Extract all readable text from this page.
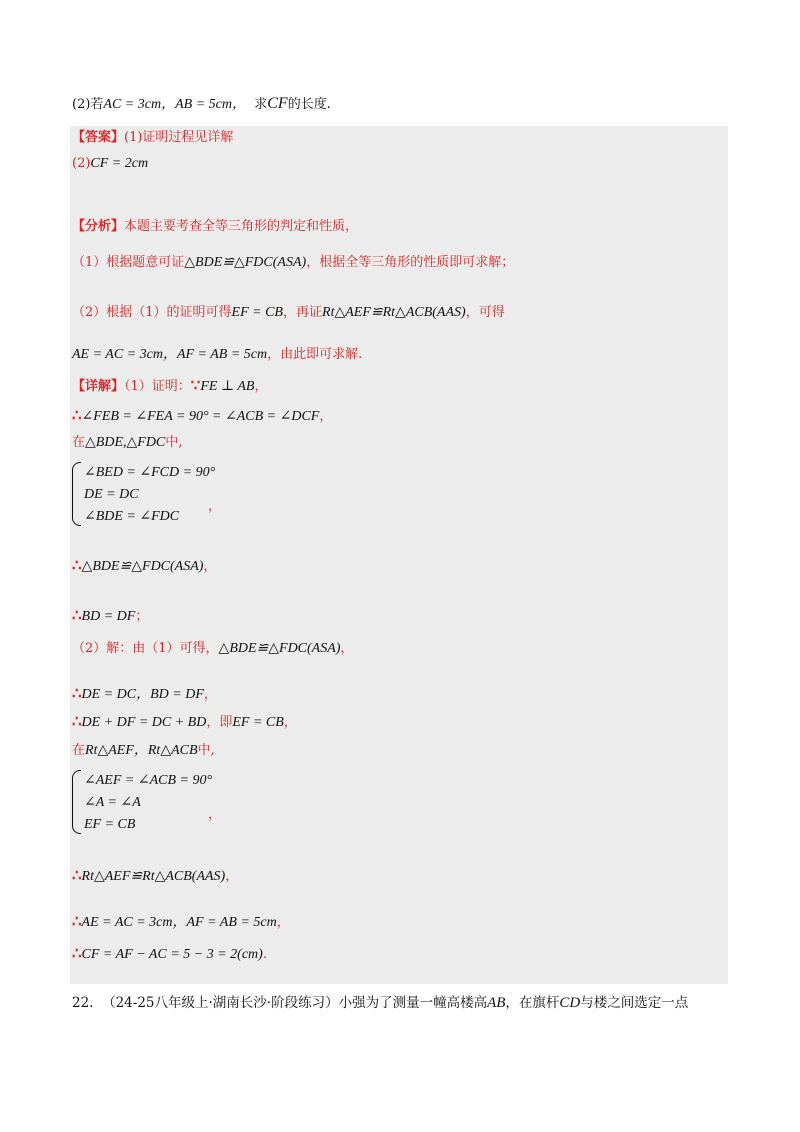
(2)若AC = 3cm，AB = 5cm， 求CF的长度.
【答案】(1)证明过程见详解
(2)CF = 2cm
【分析】本题主要考查全等三角形的判定和性质，
（1）根据题意可证△BDE≌△FDC(ASA)，根据全等三角形的性质即可求解；
（2）根据（1）的证明可得EF = CB，再证Rt△AEF≌Rt△ACB(AAS)，可得
AE = AC = 3cm，AF = AB = 5cm，由此即可求解.
【详解】（1）证明：∵FE ⊥ AB，
∴∠FEB = ∠FEA = 90° = ∠ACB = ∠DCF，
在△BDE,△FDC中,
∠BED = ∠FCD = 90°
DE = DC
∠BDE = ∠FDC
，
∴△BDE≌△FDC(ASA)，
∴BD = DF；
（2）解：由（1）可得，△BDE≌△FDC(ASA)，
∴DE = DC，BD = DF，
∴DE + DF = DC + BD，即EF = CB，
在Rt△AEF，Rt△ACB中,
∠AEF = ∠ACB = 90°
∠A = ∠A
EF = CB
，
∴Rt△AEF≌Rt△ACB(AAS)，
∴AE = AC = 3cm，AF = AB = 5cm，
∴CF = AF − AC = 5 − 3 = 2(cm).
22. （24-25八年级上·湖南长沙·阶段练习）小强为了测量一幢高楼高AB，在旗杆CD与楼之间选定一点
